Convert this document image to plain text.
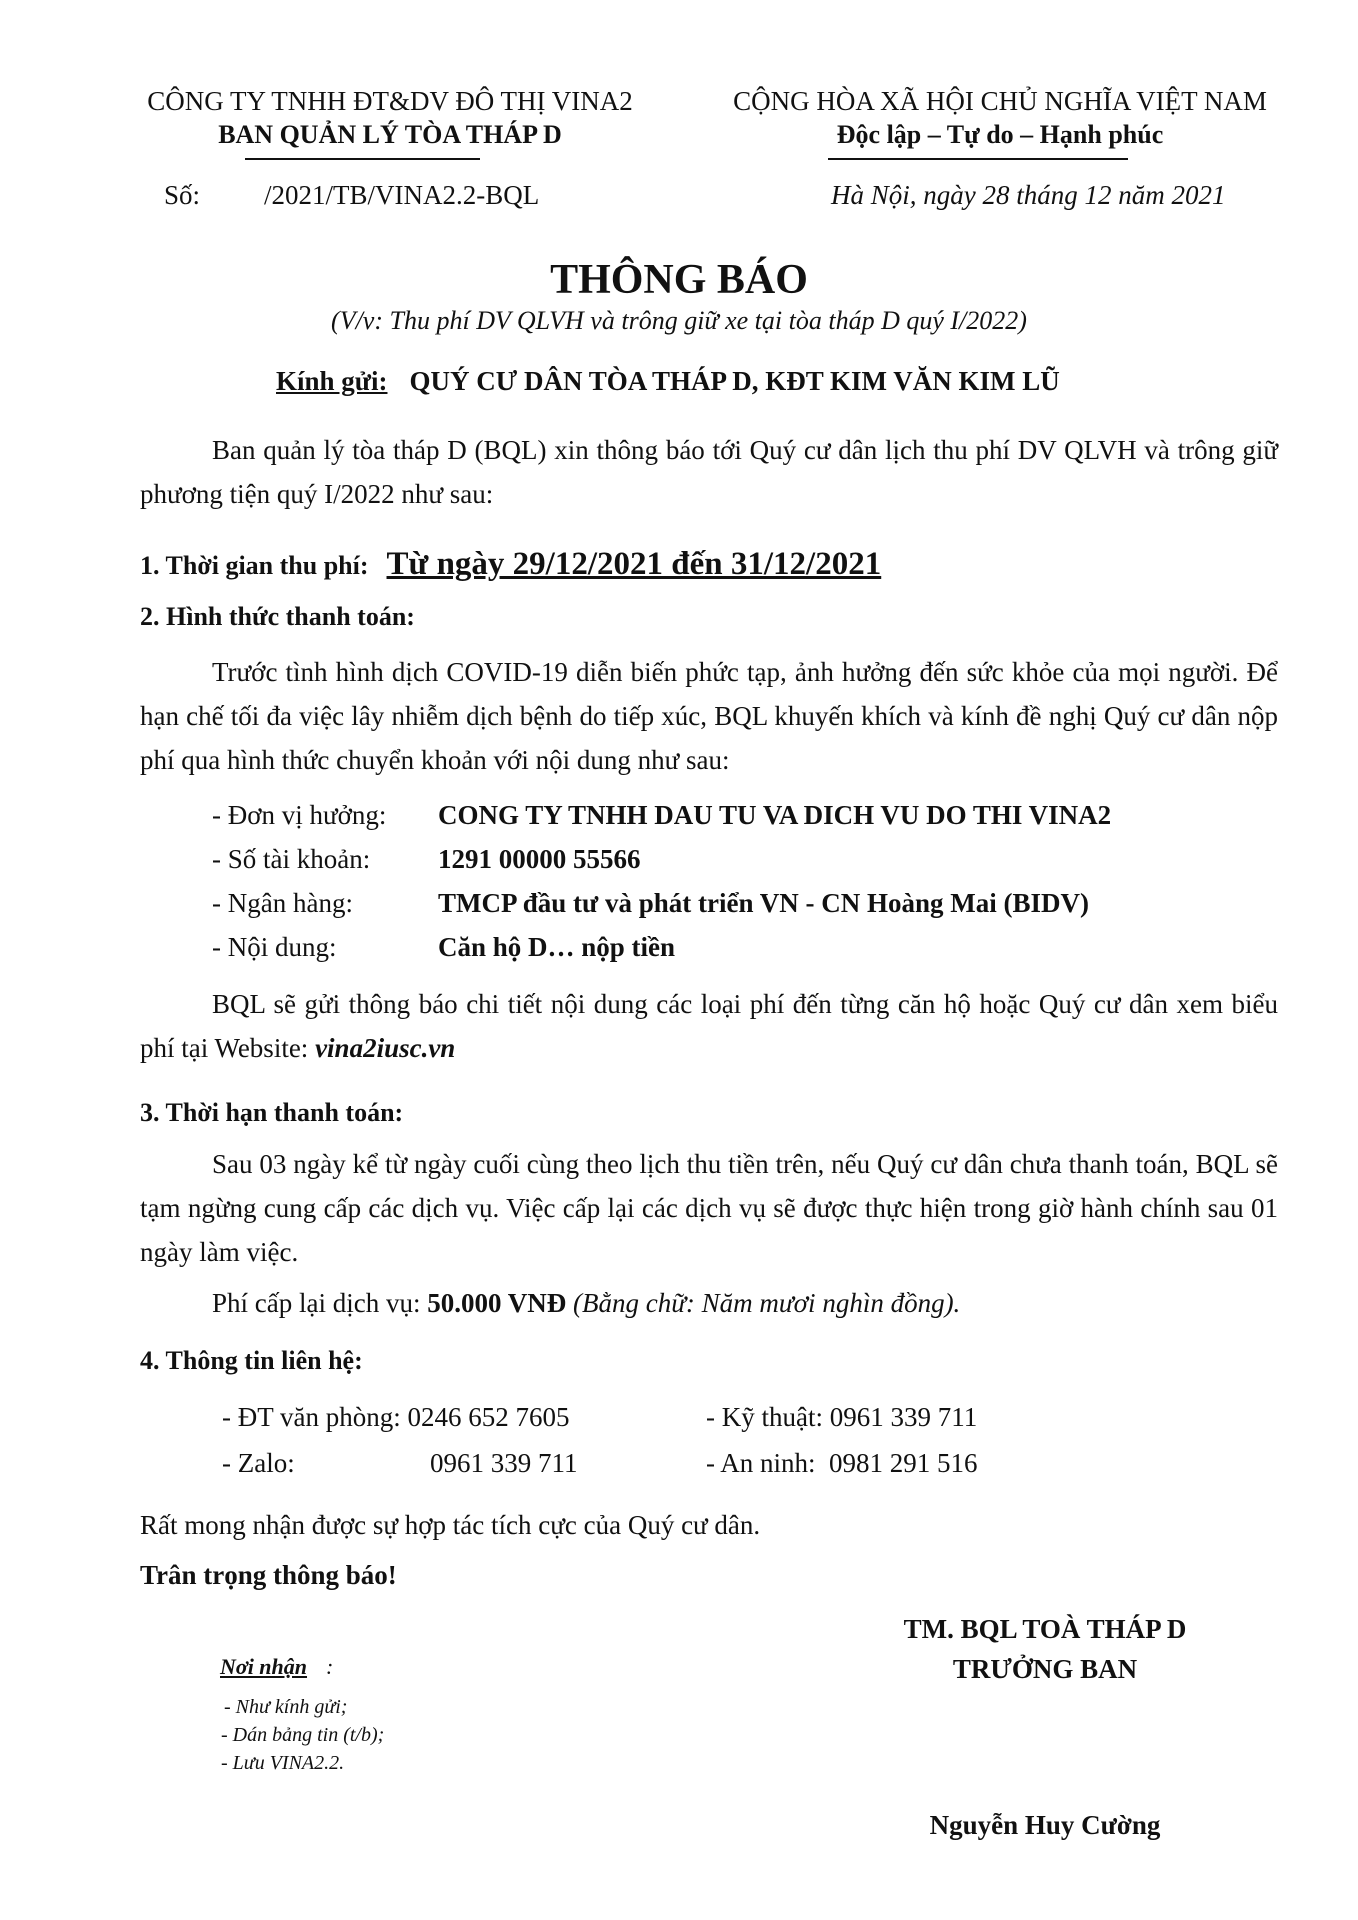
CÔNG TY TNHH ĐT&DV ĐÔ THỊ VINA2
BAN QUẢN LÝ TÒA THÁP D
CỘNG HÒA XÃ HỘI CHỦ NGHĨA VIỆT NAM
Độc lập – Tự do – Hạnh phúc
Số: /2021/TB/VINA2.2-BQL	Hà Nội, ngày 28 tháng 12 năm 2021
THÔNG BÁO
(V/v: Thu phí DV QLVH và trông giữ xe tại tòa tháp D quý I/2022)
Kính gửi: QUÝ CƯ DÂN TÒA THÁP D, KĐT KIM VĂN KIM LŨ
Ban quản lý tòa tháp D (BQL) xin thông báo tới Quý cư dân lịch thu phí DV QLVH và trông giữ phương tiện quý I/2022 như sau:
1. Thời gian thu phí: Từ ngày 29/12/2021 đến 31/12/2021
2. Hình thức thanh toán:
Trước tình hình dịch COVID-19 diễn biến phức tạp, ảnh hưởng đến sức khỏe của mọi người. Để hạn chế tối đa việc lây nhiễm dịch bệnh do tiếp xúc, BQL khuyến khích và kính đề nghị Quý cư dân nộp phí qua hình thức chuyển khoản với nội dung như sau:
- Đơn vị hưởng: CONG TY TNHH DAU TU VA DICH VU DO THI VINA2
- Số tài khoản:	1291 00000 55566
- Ngân hàng:	TMCP đầu tư và phát triển VN - CN Hoàng Mai (BIDV)
- Nội dung:	Căn hộ D… nộp tiền
BQL sẽ gửi thông báo chi tiết nội dung các loại phí đến từng căn hộ hoặc Quý cư dân xem biểu phí tại Website: vina2iusc.vn
3. Thời hạn thanh toán:
Sau 03 ngày kể từ ngày cuối cùng theo lịch thu tiền trên, nếu Quý cư dân chưa thanh toán, BQL sẽ tạm ngừng cung cấp các dịch vụ. Việc cấp lại các dịch vụ sẽ được thực hiện trong giờ hành chính sau 01 ngày làm việc.
Phí cấp lại dịch vụ: 50.000 VNĐ (Bằng chữ: Năm mươi nghìn đồng).
4. Thông tin liên hệ:
- ĐT văn phòng: 0246 652 7605	- Kỹ thuật: 0961 339 711
- Zalo:	0961 339 711	- An ninh: 0981 291 516
Rất mong nhận được sự hợp tác tích cực của Quý cư dân.
Trân trọng thông báo!
TM. BQL TOÀ THÁP D
TRƯỞNG BAN
Nguyễn Huy Cường
Nơi nhận :
- Như kính gửi;
- Dán bảng tin (t/b);
- Lưu VINA2.2.
